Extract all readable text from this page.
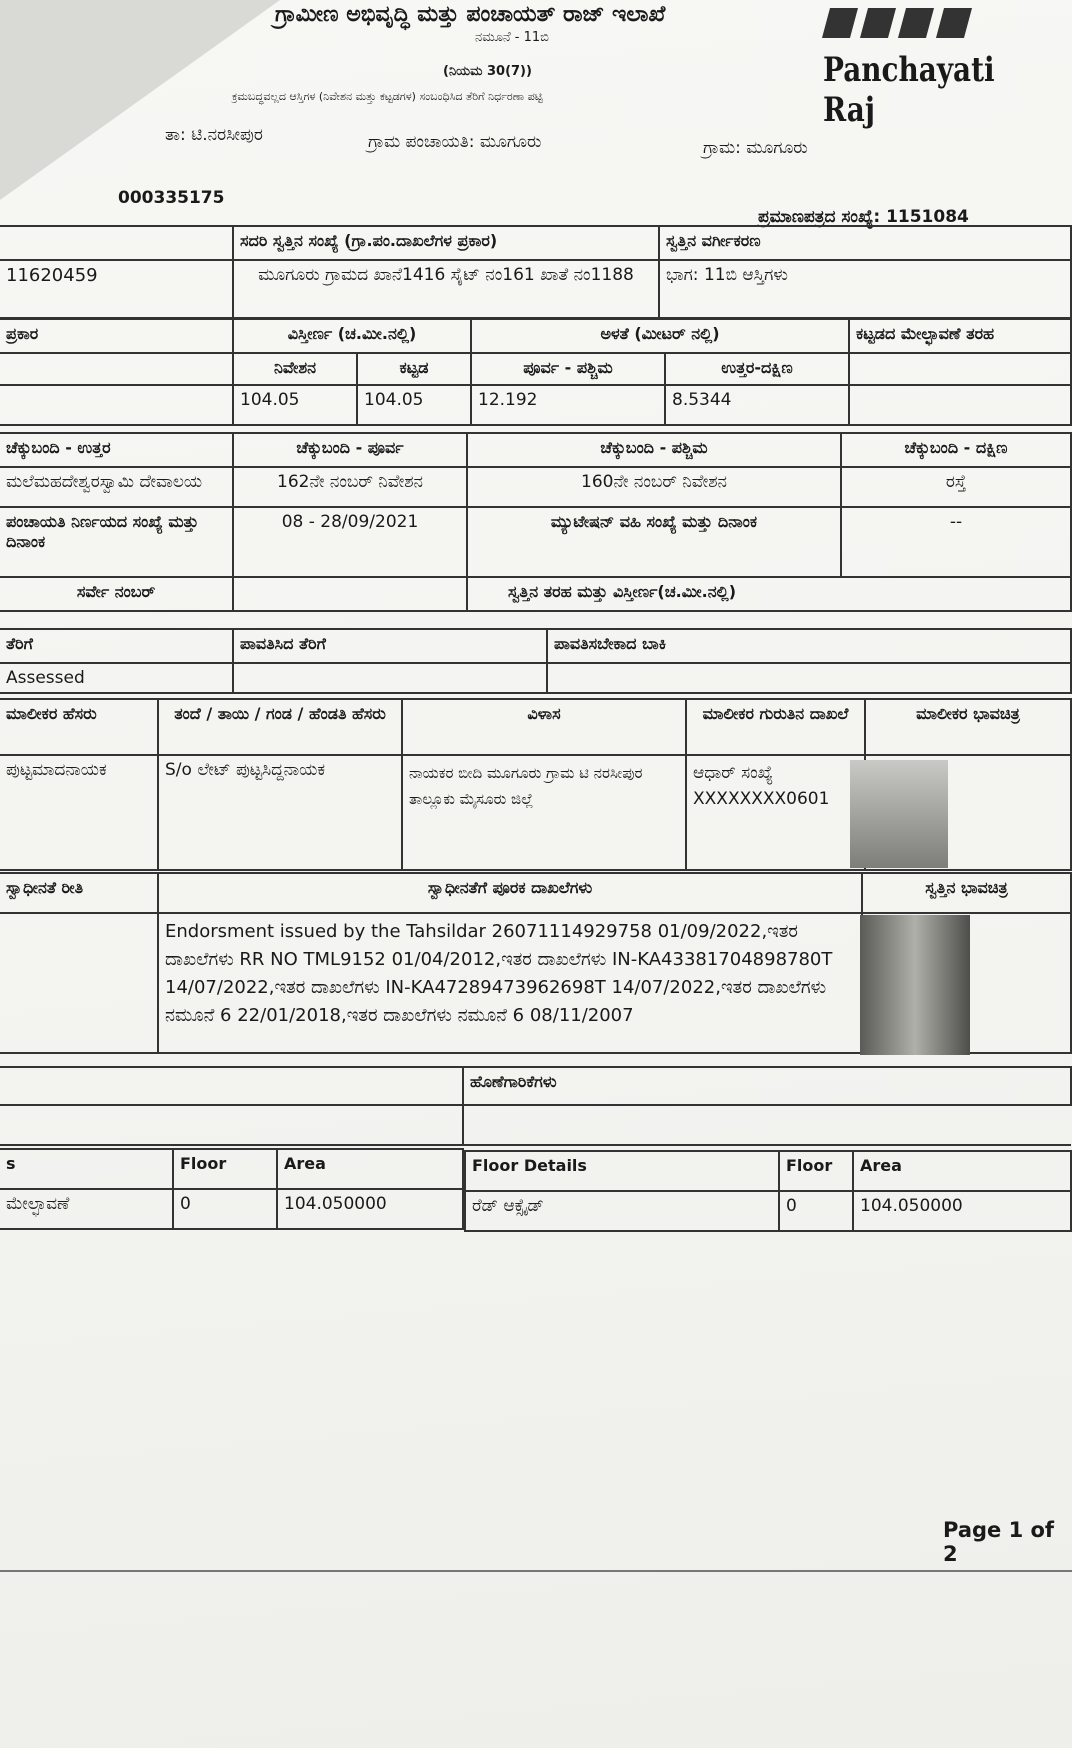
ಗ್ರಾಮೀಣ ಅಭಿವೃದ್ಧಿ ಮತ್ತು ಪಂಚಾಯತ್ ರಾಜ್ ಇಲಾಖೆ
ನಮೂನೆ - 11ಬಿ
(ನಿಯಮ 30(7))
ಕ್ರಮಬದ್ಧವಲ್ಲದ ಆಸ್ತಿಗಳ (ನಿವೇಶನ ಮತ್ತು ಕಟ್ಟಡಗಳ) ಸಂಬಂಧಿಸಿದ ತೆರಿಗೆ ನಿರ್ಧರಣಾ ಪಟ್ಟಿ
Panchayati Raj
ತಾ: ಟಿ.ನರಸೀಪುರ	ಗ್ರಾಮ ಪಂಚಾಯತಿ: ಮೂಗೂರು	ಗ್ರಾಮ: ಮೂಗೂರು
000335175
ಪ್ರಮಾಣಪತ್ರದ ಸಂಖ್ಯೆ: 1151084
	ಸದರಿ ಸ್ವತ್ತಿನ ಸಂಖ್ಯೆ (ಗ್ರಾ.ಪಂ.ದಾಖಲೆಗಳ ಪ್ರಕಾರ)	ಸ್ವತ್ತಿನ ವರ್ಗೀಕರಣ
11620459	ಮೂಗೂರು ಗ್ರಾಮದ ಖಾನೆ1416 ಸೈಟ್ ನಂ161 ಖಾತೆ ನಂ1188	ಭಾಗ: 11ಬಿ ಆಸ್ತಿಗಳು
ಪ್ರಕಾರ	ವಿಸ್ತೀರ್ಣ (ಚ.ಮೀ.ನಲ್ಲಿ)		ಅಳತೆ (ಮೀಟರ್ ನಲ್ಲಿ)		ಕಟ್ಟಡದ ಮೇಲ್ಛಾವಣೆ ತರಹ
	ನಿವೇಶನ	ಕಟ್ಟಡ	ಪೂರ್ವ - ಪಶ್ಚಿಮ	ಉತ್ತರ-ದಕ್ಷಿಣ	
	104.05	104.05	12.192	8.5344	
ಚೆಕ್ಕುಬಂದಿ - ಉತ್ತರ	ಚೆಕ್ಕುಬಂದಿ - ಪೂರ್ವ	ಚೆಕ್ಕುಬಂದಿ - ಪಶ್ಚಿಮ	ಚೆಕ್ಕುಬಂದಿ - ದಕ್ಷಿಣ
ಮಲೆಮಹದೇಶ್ವರಸ್ವಾಮಿ ದೇವಾಲಯ	162ನೇ ನಂಬರ್ ನಿವೇಶನ	160ನೇ ನಂಬರ್ ನಿವೇಶನ	ರಸ್ತೆ
ಪಂಚಾಯತಿ ನಿರ್ಣಯದ ಸಂಖ್ಯೆ ಮತ್ತು ದಿನಾಂಕ	08 - 28/09/2021	ಮ್ಯುಟೇಷನ್ ವಹಿ ಸಂಖ್ಯೆ ಮತ್ತು ದಿನಾಂಕ	--
ಸರ್ವೇ ನಂಬರ್		ಸ್ವತ್ತಿನ ತರಹ ಮತ್ತು ವಿಸ್ತೀರ್ಣ(ಚ.ಮೀ.ನಲ್ಲಿ)	
ತೆರಿಗೆ	ಪಾವತಿಸಿದ ತೆರಿಗೆ	ಪಾವತಿಸಬೇಕಾದ ಬಾಕಿ
Assessed		
ಮಾಲೀಕರ ಹೆಸರು	ತಂದೆ / ತಾಯಿ / ಗಂಡ / ಹೆಂಡತಿ ಹೆಸರು	ವಿಳಾಸ	ಮಾಲೀಕರ ಗುರುತಿನ ದಾಖಲೆ	ಮಾಲೀಕರ ಭಾವಚಿತ್ರ
ಪುಟ್ಟಮಾದನಾಯಕ	S/o ಲೇಟ್ ಪುಟ್ಟಸಿದ್ದನಾಯಕ	ನಾಯಕರ ಬೀದಿ ಮೂಗೂರು ಗ್ರಾಮ ಟಿ ನರಸೀಪುರ ತಾಲ್ಲೂಕು ಮೈಸೂರು ಜಿಲ್ಲೆ	ಆಧಾರ್ ಸಂಖ್ಯೆ XXXXXXXX0601	
ಸ್ವಾಧೀನತೆ ರೀತಿ	ಸ್ವಾಧೀನತೆಗೆ ಪೂರಕ ದಾಖಲೆಗಳು	ಸ್ವತ್ತಿನ ಭಾವಚಿತ್ರ
	Endorsment issued by the Tahsildar 26071114929758 01/09/2022,ಇತರ ದಾಖಲೆಗಳು RR NO TML9152 01/04/2012,ಇತರ ದಾಖಲೆಗಳು IN-KA43381704898780T 14/07/2022,ಇತರ ದಾಖಲೆಗಳು IN-KA47289473962698T 14/07/2022,ಇತರ ದಾಖಲೆಗಳು ನಮೂನೆ 6 22/01/2018,ಇತರ ದಾಖಲೆಗಳು ನಮೂನೆ 6 08/11/2007	
	ಹೊಣೆಗಾರಿಕೆಗಳು

s	Floor	Area
ಮೇಲ್ಛಾವಣೆ	0	104.050000
Floor Details	Floor	Area
ರೆಡ್ ಆಕ್ಸೈಡ್	0	104.050000
Page 1 of 2
